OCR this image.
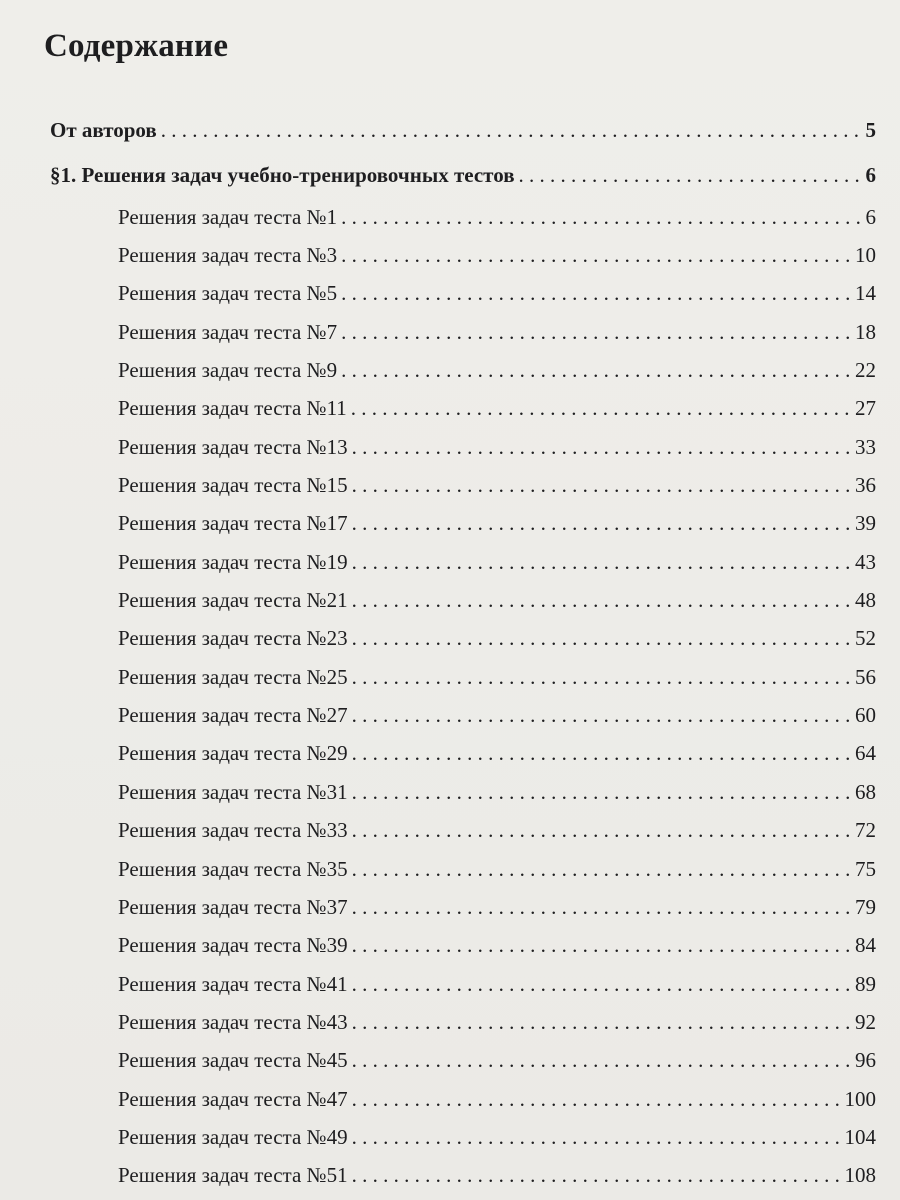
Содержание
От авторов . . .	5
§1. Решения задач учебно-тренировочных тестов . . .	6
Решения задач теста №1 . . .	6
Решения задач теста №3 . . .	10
Решения задач теста №5 . . .	14
Решения задач теста №7 . . .	18
Решения задач теста №9 . . .	22
Решения задач теста №11 . . .	27
Решения задач теста №13 . . .	33
Решения задач теста №15 . . .	36
Решения задач теста №17 . . .	39
Решения задач теста №19 . . .	43
Решения задач теста №21 . . .	48
Решения задач теста №23 . . .	52
Решения задач теста №25 . . .	56
Решения задач теста №27 . . .	60
Решения задач теста №29 . . .	64
Решения задач теста №31 . . .	68
Решения задач теста №33 . . .	72
Решения задач теста №35 . . .	75
Решения задач теста №37 . . .	79
Решения задач теста №39 . . .	84
Решения задач теста №41 . . .	89
Решения задач теста №43 . . .	92
Решения задач теста №45 . . .	96
Решения задач теста №47 . . .	100
Решения задач теста №49 . . .	104
Решения задач теста №51 . . .	108
